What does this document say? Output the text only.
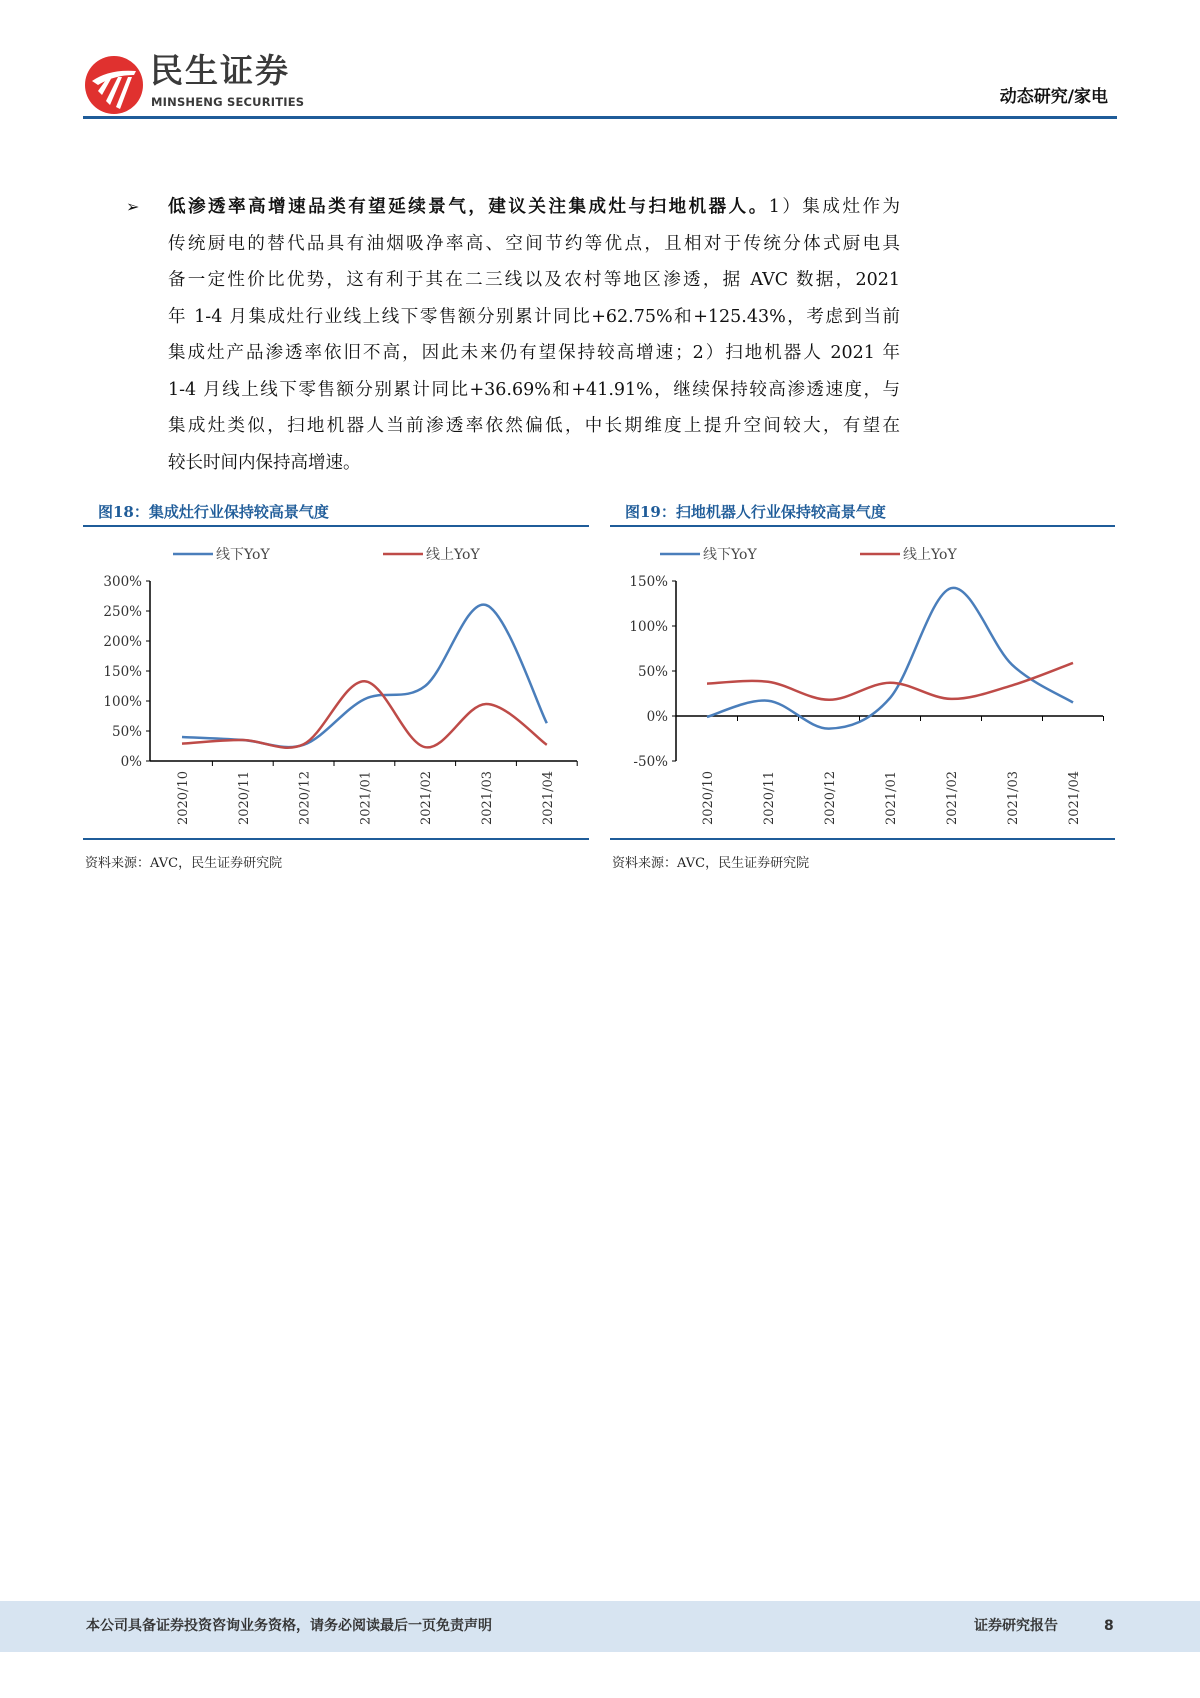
民生证券
MINSHENG SECURITIES	动态研究/家电
➢ 低渗透率高增速品类有望延续景气，建议关注集成灶与扫地机器人。1）集成灶作为
传统厨电的替代品具有油烟吸净率高、空间节约等优点，且相对于传统分体式厨电具
备一定性价比优势，这有利于其在二三线以及农村等地区渗透，据 AVC 数据，2021
年 1-4 月集成灶行业线上线下零售额分别累计同比+62.75%和+125.43%，考虑到当前
集成灶产品渗透率依旧不高，因此未来仍有望保持较高增速；2）扫地机器人 2021 年
1-4 月线上线下零售额分别累计同比+36.69%和+41.91%，继续保持较高渗透速度，与
集成灶类似，扫地机器人当前渗透率依然偏低，中长期维度上提升空间较大，有望在
较长时间内保持高增速。
图18：集成灶行业保持较高景气度
线下YoY	线上YoY
0%
50%
100%
150%
200%
250%
300%
2020/10	2020/11	2020/12	2021/01	2021/02	2021/03	2021/04
资料来源：AVC，民生证券研究院
图19：扫地机器人行业保持较高景气度
线下YoY	线上YoY
-50%
0%
50%
100%
150%
2020/10	2020/11	2020/12	2021/01	2021/02	2021/03	2021/04
资料来源：AVC，民生证券研究院
本公司具备证券投资咨询业务资格，请务必阅读最后一页免责声明	证券研究报告	8
